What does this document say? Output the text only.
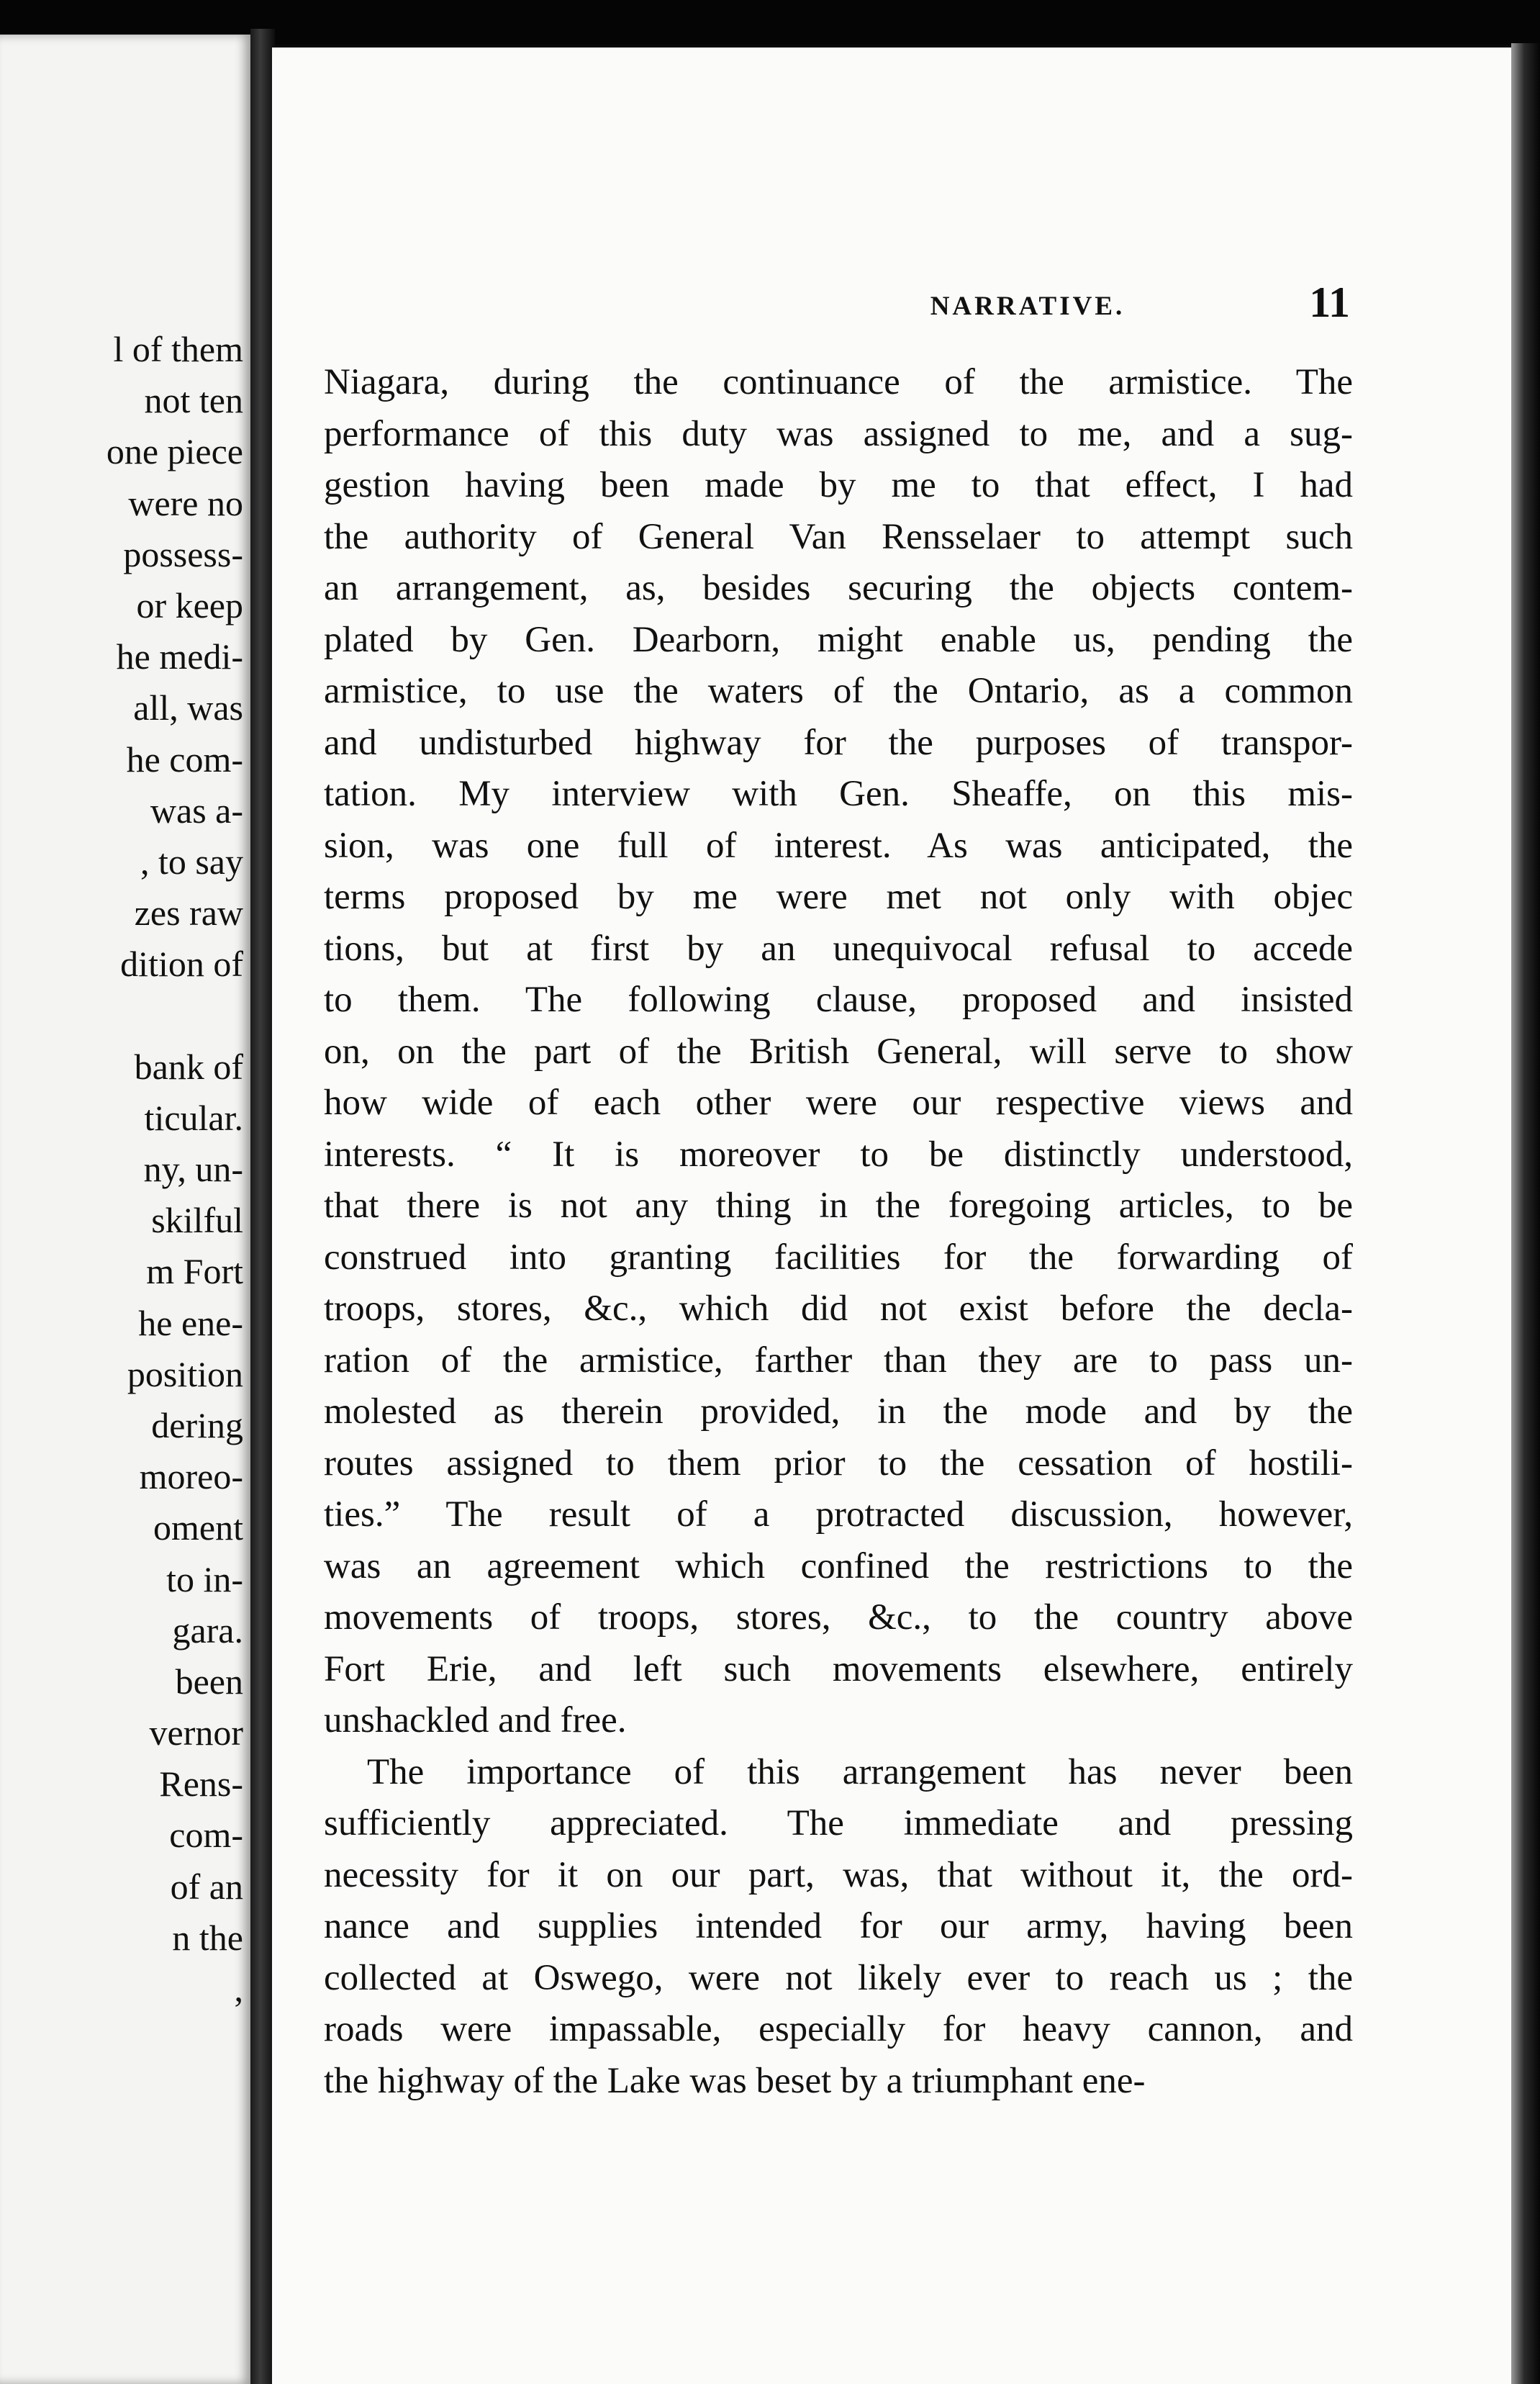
l of them
not ten
one piece
were no
possess-
or keep
he medi-
all, was
he com-
was a-
, to say
zes raw
dition of
bank of
ticular.
ny, un-
skilful
m Fort
he ene-
position
dering
moreo-
oment
to in-
gara.
been
vernor
Rens-
com-
of an
n the
,
NARRATIVE.	11
Niagara, during the continuance of the armistice. The
performance of this duty was assigned to me, and a sug-
gestion having been made by me to that effect, I had
the authority of General Van Rensselaer to attempt such
an arrangement, as, besides securing the objects contem-
plated by Gen. Dearborn, might enable us, pending the
armistice, to use the waters of the Ontario, as a common
and undisturbed highway for the purposes of transpor-
tation. My interview with Gen. Sheaffe, on this mis-
sion, was one full of interest. As was anticipated, the
terms proposed by me were met not only with objec
tions, but at first by an unequivocal refusal to accede
to them. The following clause, proposed and insisted
on, on the part of the British General, will serve to show
how wide of each other were our respective views and
interests. “ It is moreover to be distinctly understood,
that there is not any thing in the foregoing articles, to be
construed into granting facilities for the forwarding of
troops, stores, &c., which did not exist before the decla-
ration of the armistice, farther than they are to pass un-
molested as therein provided, in the mode and by the
routes assigned to them prior to the cessation of hostili-
ties.” The result of a protracted discussion, however,
was an agreement which confined the restrictions to the
movements of troops, stores, &c., to the country above
Fort Erie, and left such movements elsewhere, entirely
unshackled and free.
The importance of this arrangement has never been
sufficiently appreciated. The immediate and pressing
necessity for it on our part, was, that without it, the ord-
nance and supplies intended for our army, having been
collected at Oswego, were not likely ever to reach us ; the
roads were impassable, especially for heavy cannon, and
the highway of the Lake was beset by a triumphant ene-
